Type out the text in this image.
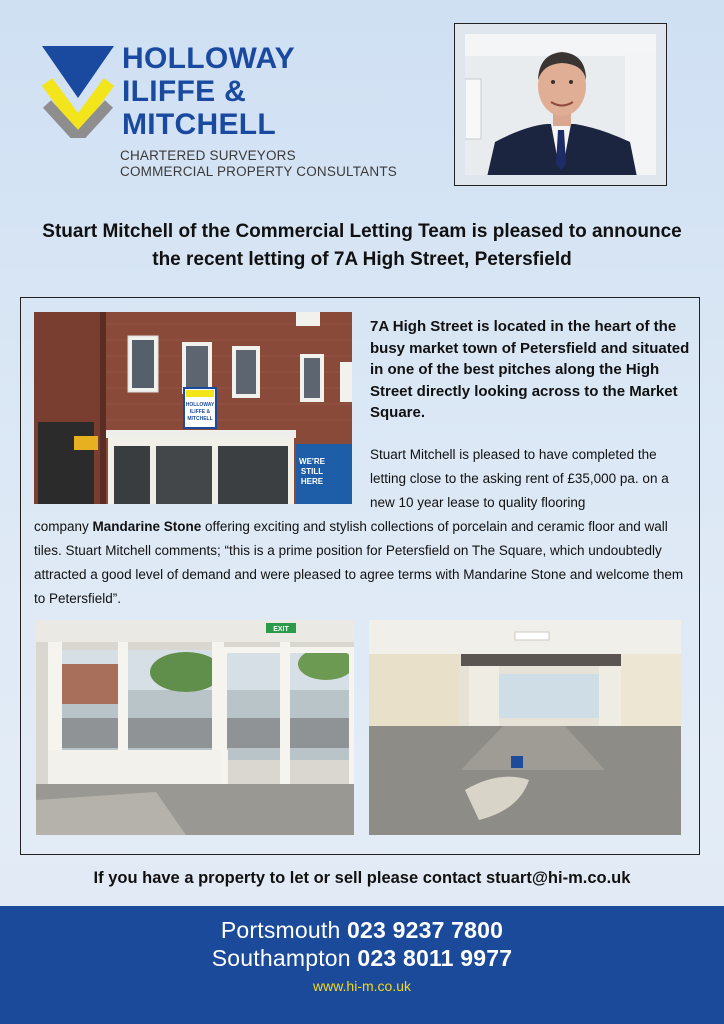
HOLLOWAY
ILIFFE &
MITCHELL
CHARTERED SURVEYORS
COMMERCIAL PROPERTY CONSULTANTS
Stuart Mitchell of the Commercial Letting Team is pleased to announce the recent letting of 7A High Street, Petersfield
HOLLOWAY
ILIFFE &
MITCHELL
WE'RE
STILL
HERE
7A High Street is located in the heart of the busy market town of Petersfield and situated in one of the best pitches along the High Street directly looking across to the Market Square.
Stuart Mitchell is pleased to have completed the letting close to the asking rent of £35,000 pa. on a new 10 year lease to quality flooring
company Mandarine Stone offering exciting and stylish collections of porcelain and ceramic floor and wall tiles. Stuart Mitchell comments; “this is a prime position for Petersfield on The Square, which undoubtedly attracted a good level of demand and were pleased to agree terms with Mandarine Stone and welcome them to Petersfield”.
EXIT
If you have a property to let or sell please contact stuart@hi-m.co.uk
Portsmouth 023 9237 7800
Southampton 023 8011 9977
www.hi-m.co.uk
